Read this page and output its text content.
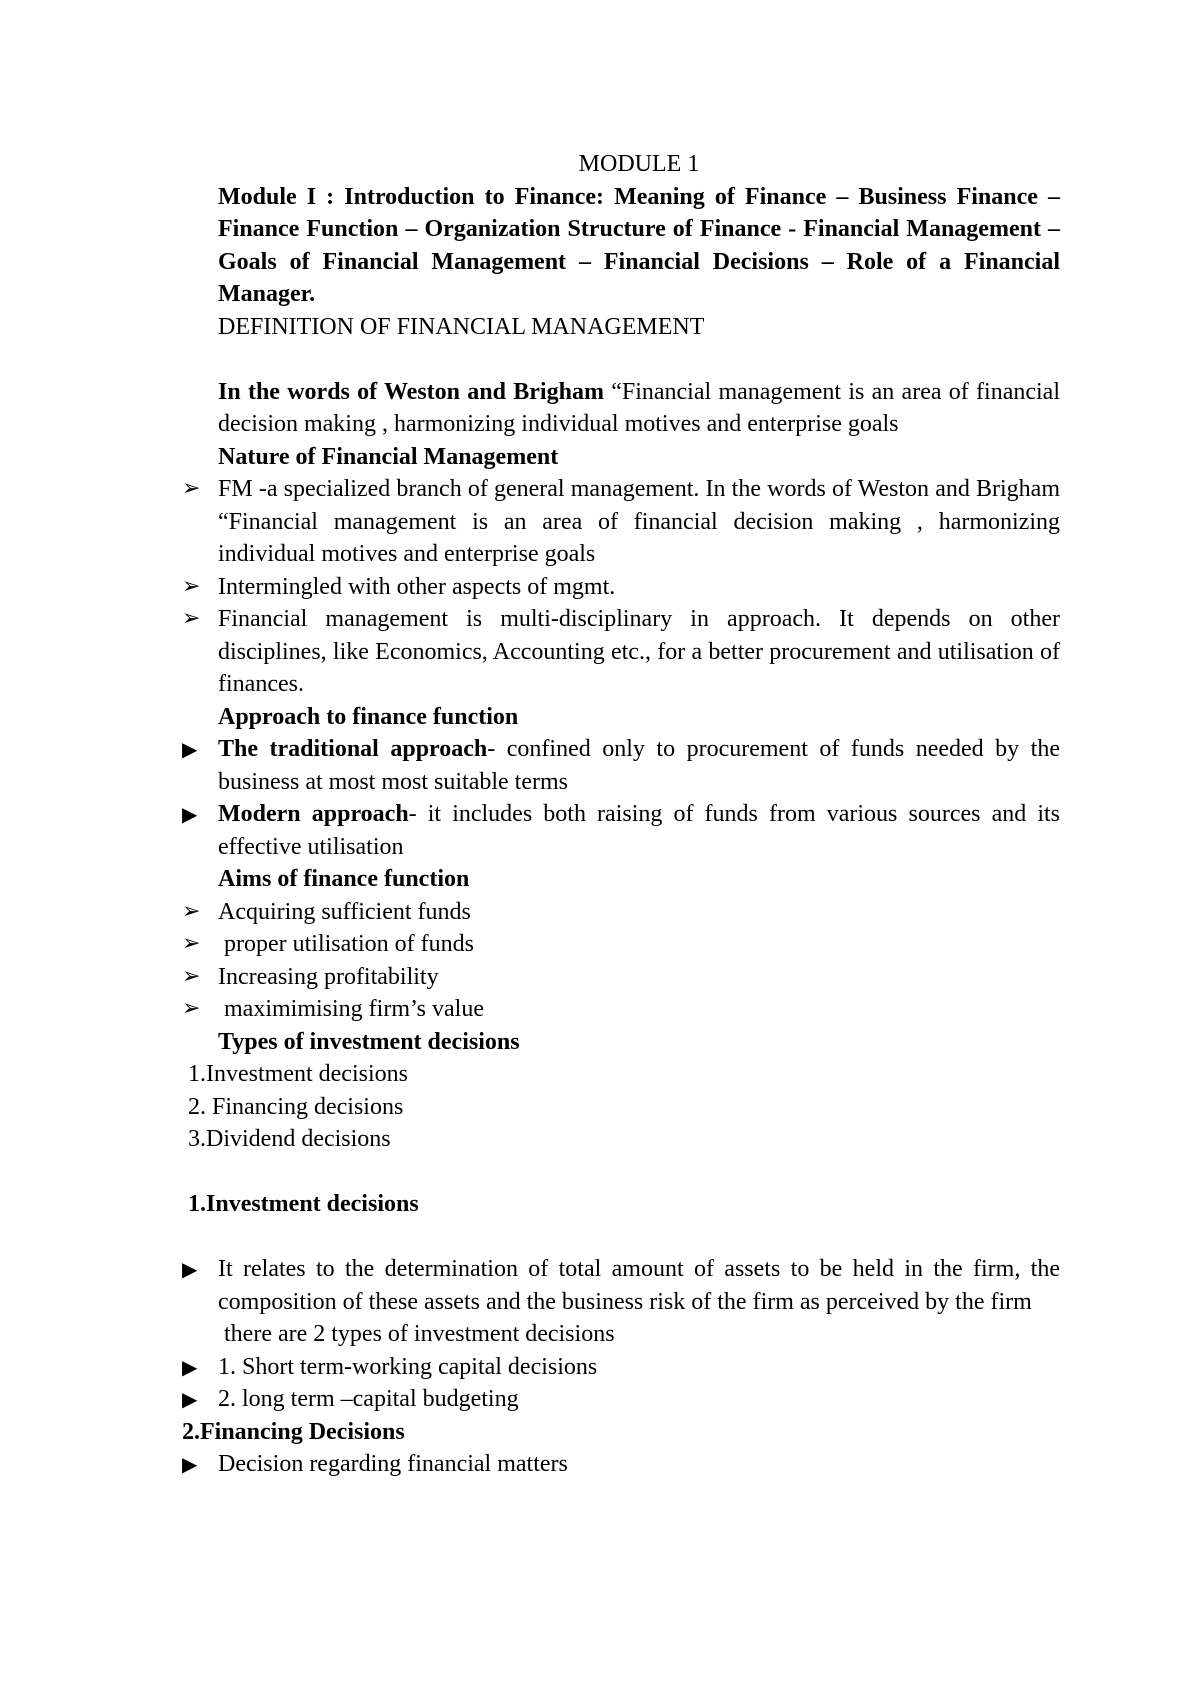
MODULE 1

Module I : Introduction to Finance: Meaning of Finance – Business Finance – Finance Function – Organization Structure of Finance - Financial Management – Goals of Financial Management – Financial Decisions – Role of a Financial Manager.

DEFINITION OF FINANCIAL MANAGEMENT

In the words of Weston and Brigham “Financial management is an area of financial decision making , harmonizing individual motives and enterprise goals

Nature of Financial Management

➢ FM -a specialized branch of general management. In the words of Weston and Brigham “Financial management is an area of financial decision making , harmonizing individual motives and enterprise goals

➢ Intermingled with other aspects of mgmt.

➢ Financial management is multi-disciplinary in approach. It depends on other disciplines, like Economics, Accounting etc., for a better procurement and utilisation of finances.

Approach to finance function

▶ The traditional approach- confined only to procurement of funds needed by the business at most most suitable terms

▶ Modern approach- it includes both raising of funds from various sources and its effective utilisation

Aims of finance function

➢ Acquiring sufficient funds

➢ proper utilisation of funds

➢ Increasing profitability

➢ maximimising firm’s value

Types of investment decisions

1.Investment decisions

2. Financing decisions

3.Dividend decisions

1.Investment decisions

▶ It relates to the determination of total amount of assets to be held in the firm, the composition of these assets and the business risk of the firm as perceived by the firm

there are 2 types of investment decisions

▶ 1. Short term-working capital decisions

▶ 2. long term –capital budgeting

2.Financing Decisions

▶ Decision regarding financial matters
